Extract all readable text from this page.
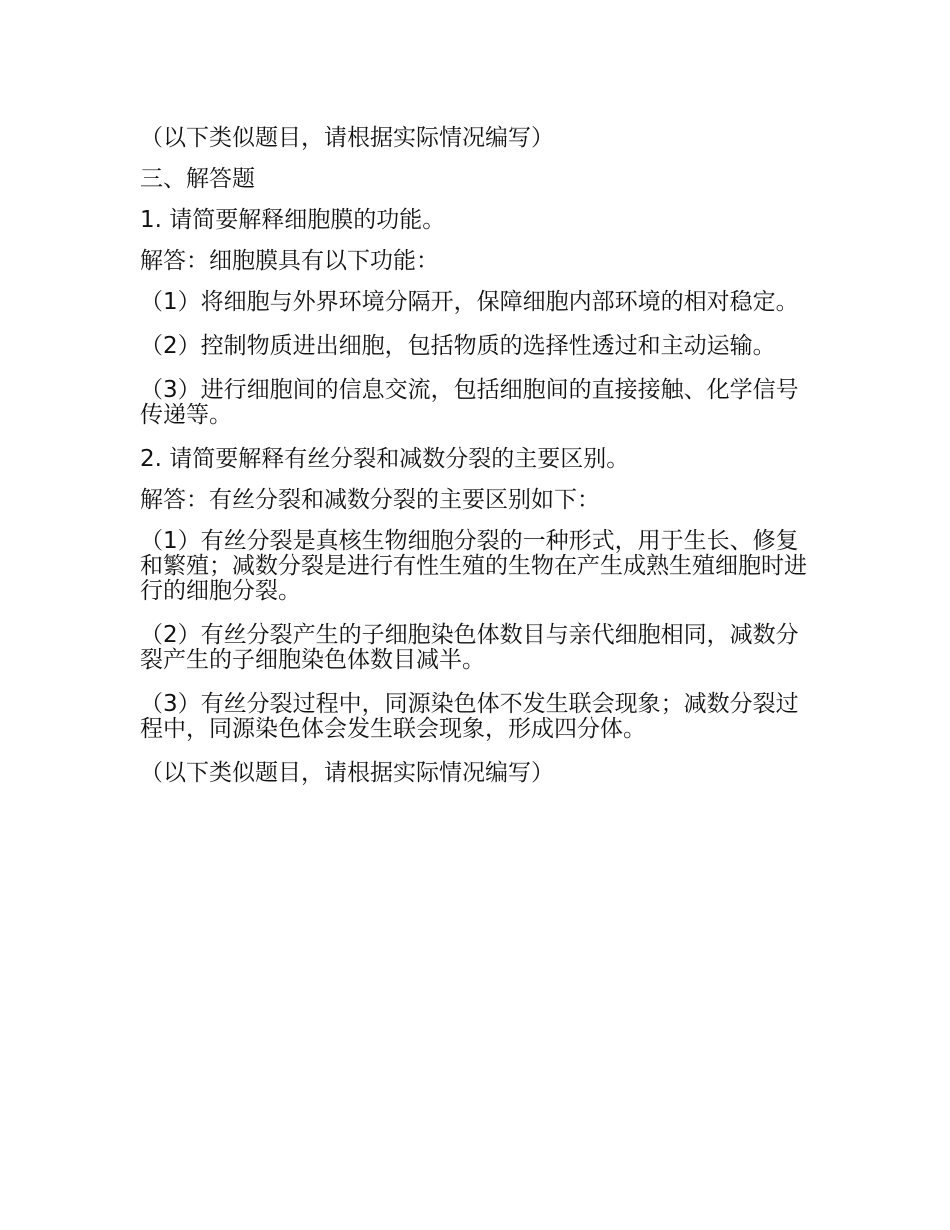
（以下类似题目，请根据实际情况编写）

三、解答题

1. 请简要解释细胞膜的功能。

解答：细胞膜具有以下功能：

（1）将细胞与外界环境分隔开，保障细胞内部环境的相对稳定。

（2）控制物质进出细胞，包括物质的选择性透过和主动运输。

（3）进行细胞间的信息交流，包括细胞间的直接接触、化学信号传递等。

2. 请简要解释有丝分裂和减数分裂的主要区别。

解答：有丝分裂和减数分裂的主要区别如下：

（1）有丝分裂是真核生物细胞分裂的一种形式，用于生长、修复和繁殖；减数分裂是进行有性生殖的生物在产生成熟生殖细胞时进行的细胞分裂。

（2）有丝分裂产生的子细胞染色体数目与亲代细胞相同，减数分裂产生的子细胞染色体数目减半。

（3）有丝分裂过程中，同源染色体不发生联会现象；减数分裂过程中，同源染色体会发生联会现象，形成四分体。

（以下类似题目，请根据实际情况编写）
